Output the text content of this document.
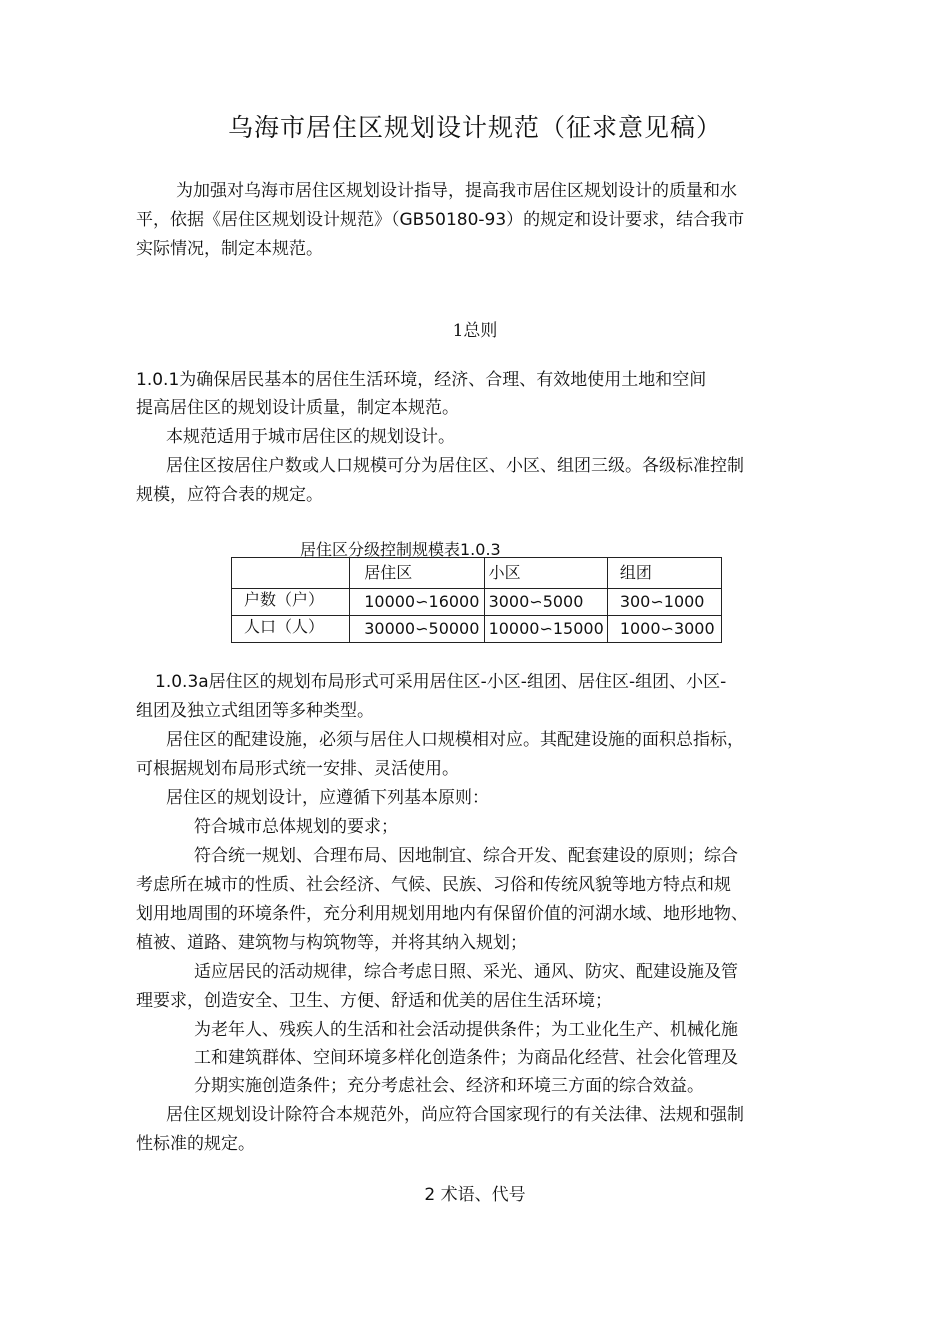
乌海市居住区规划设计规范（征求意见稿）
为加强对乌海市居住区规划设计指导，提高我市居住区规划设计的质量和水
平，依据《居住区规划设计规范》（GB50180-93）的规定和设计要求，结合我市
实际情况，制定本规范。
1总则
1.0.1为确保居民基本的居住生活环境，经济、合理、有效地使用土地和空间
提高居住区的规划设计质量，制定本规范。
本规范适用于城市居住区的规划设计。
居住区按居住户数或人口规模可分为居住区、小区、组团三级。各级标准控制
规模，应符合表的规定。
居住区分级控制规模表1.0.3
	居住区	小区	组团
户数（户）	10000∽16000	3000∽5000	300∽1000
人口（人）	30000∽50000	10000∽15000	1000∽3000
1.0.3a居住区的规划布局形式可采用居住区-小区-组团、居住区-组团、小区-
组团及独立式组团等多种类型。
居住区的配建设施，必须与居住人口规模相对应。其配建设施的面积总指标，
可根据规划布局形式统一安排、灵活使用。
居住区的规划设计，应遵循下列基本原则：
符合城市总体规划的要求；
符合统一规划、合理布局、因地制宜、综合开发、配套建设的原则；综合
考虑所在城市的性质、社会经济、气候、民族、习俗和传统风貌等地方特点和规
划用地周围的环境条件，充分利用规划用地内有保留价值的河湖水域、地形地物、
植被、道路、建筑物与构筑物等，并将其纳入规划；
适应居民的活动规律，综合考虑日照、采光、通风、防灾、配建设施及管
理要求，创造安全、卫生、方便、舒适和优美的居住生活环境；
为老年人、残疾人的生活和社会活动提供条件；为工业化生产、机械化施
工和建筑群体、空间环境多样化创造条件；为商品化经营、社会化管理及
分期实施创造条件；充分考虑社会、经济和环境三方面的综合效益。
居住区规划设计除符合本规范外，尚应符合国家现行的有关法律、法规和强制
性标准的规定。
2 术语、代号
